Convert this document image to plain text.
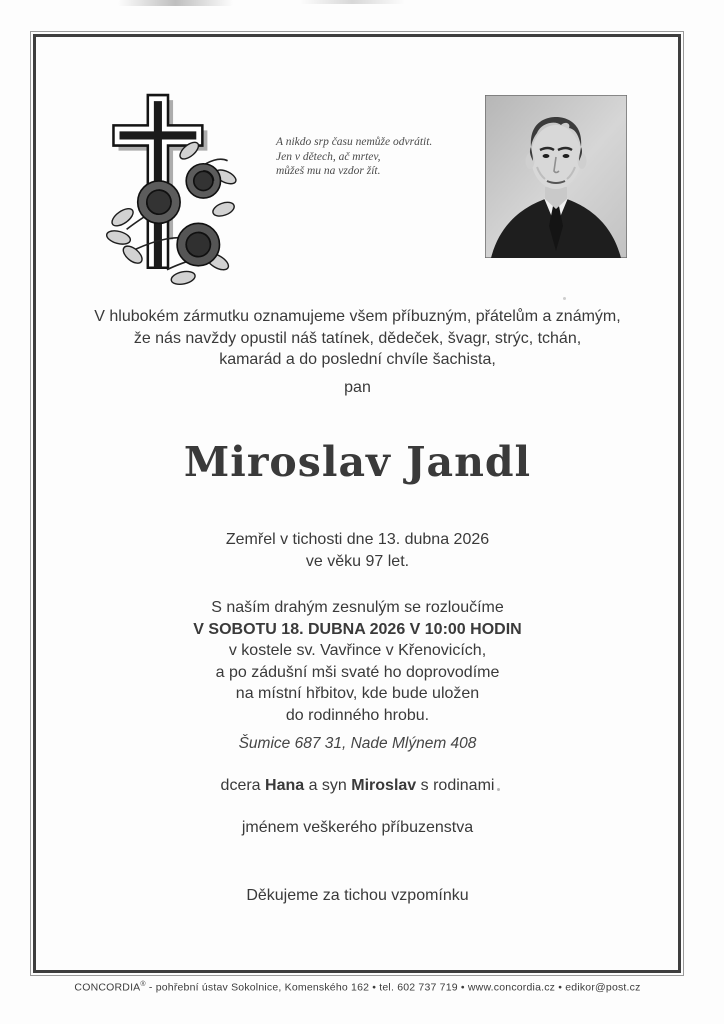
A nikdo srp času nemůže odvrátit.
Jen v dětech, ač mrtev,
můžeš mu na vzdor žít.
V hlubokém zármutku oznamujeme všem příbuzným, přátelům a známým,
že nás navždy opustil náš tatínek, dědeček, švagr, strýc, tchán,
kamarád a do poslední chvíle šachista,
pan
Miroslav Jandl
Zemřel v tichosti dne 13. dubna 2026
ve věku 97 let.
S naším drahým zesnulým se rozloučíme
V SOBOTU 18. DUBNA 2026 V 10:00 HODIN
v kostele sv. Vavřince v Křenovicích,
a po zádušní mši svaté ho doprovodíme
na místní hřbitov, kde bude uložen
do rodinného hrobu.
Šumice 687 31, Nade Mlýnem 408
dcera Hana a syn Miroslav s rodinami
jménem veškerého příbuzenstva
Děkujeme za tichou vzpomínku
CONCORDIA® - pohřební ústav Sokolnice, Komenského 162 • tel. 602 737 719 • www.concordia.cz • edikor@post.cz
